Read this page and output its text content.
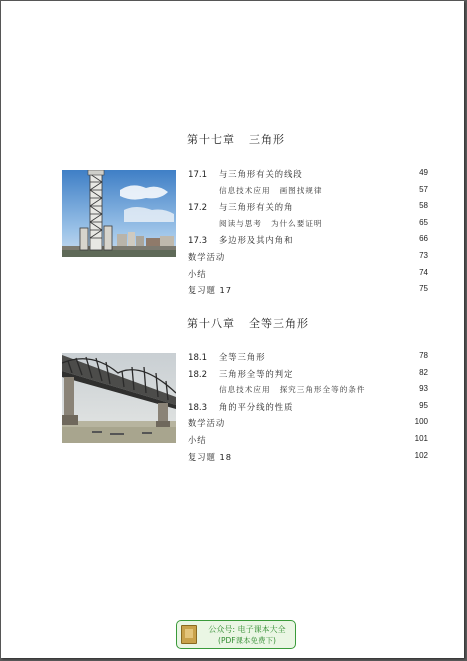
第十七章 三角形
17.1 与三角形有关的线段	49
信息技术应用 画图找规律	57
17.2 与三角形有关的角	58
阅读与思考 为什么要证明	65
17.3 多边形及其内角和	66
数学活动	73
小结	74
复习题 17	75
第十八章 全等三角形
18.1 全等三角形	78
18.2 三角形全等的判定	82
信息技术应用 探究三角形全等的条件	93
18.3 角的平分线的性质	95
数学活动	100
小结	101
复习题 18	102
公众号: 电子课本大全
(PDF课本免费下)
